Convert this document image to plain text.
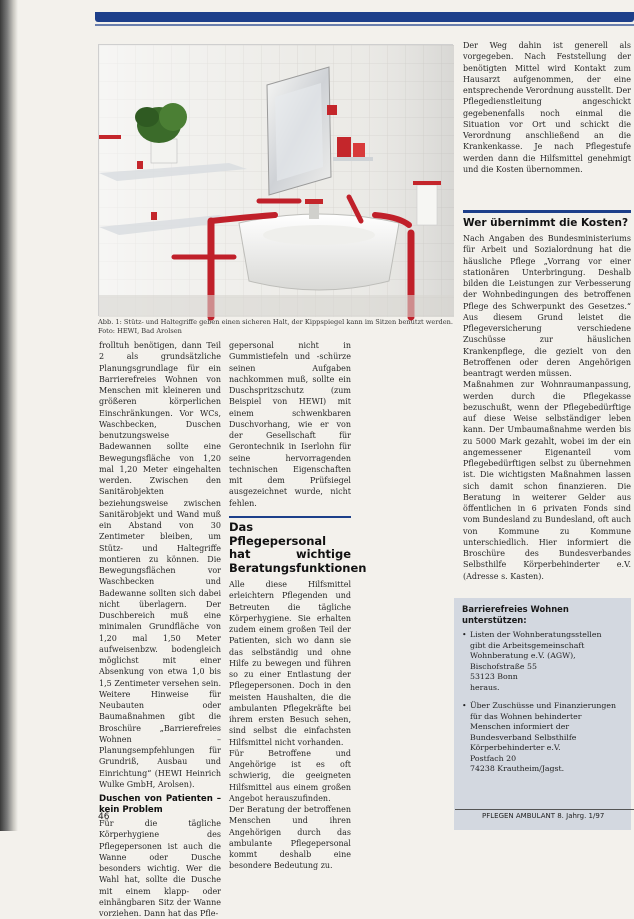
Abb. 1: Stütz- und Haltegriffe geben einen sicheren Halt, der Kippspiegel kann im Sitzen benutzt werden. Foto: HEWI, Bad Arolsen

frolltuh benötigen, dann Teil 2 als grundsätzliche Planungsgrundlage für ein Barrierefreies Wohnen von Menschen mit kleineren und größeren körperlichen Einschränkungen. Vor WCs, Waschbecken, Duschen benutzungsweise Badewannen sollte eine Bewegungsfläche von 1,20 mal 1,20 Meter eingehalten werden. Zwischen den Sanitärobjekten beziehungsweise zwischen Sanitärobjekt und Wand muß ein Abstand von 30 Zentimeter bleiben, um Stütz- und Haltegriffe montieren zu können. Die Bewegungsflächen vor Waschbecken und Badewanne sollten sich dabei nicht überlagern. Der Duschbereich muß eine minimalen Grundfläche von 1,20 mal 1,50 Meter aufweisenbzw. bodengleich möglichst mit einer Absenkung von etwa 1,0 bis 1,5 Zentimeter versehen sein. Weitere Hinweise für Neubauten oder Baumaßnahmen gibt die Broschüre „Barrierefreies Wohnen – Planungsempfehlungen für Grundriß, Ausbau und Einrichtung“ (HEWI Heinrich Wulke GmbH, Arolsen).

Duschen von Patienten – kein Problem

Für die tägliche Körperhygiene des Pflegepersonen ist auch die Wanne oder Dusche besonders wichtig. Wer die Wahl hat, sollte die Dusche mit einem klapp- oder einhängbaren Sitz der Wanne vorziehen. Dann hat das Pfle-

gepersonal nicht in Gummistiefeln und -schürze seinen Aufgaben nachkommen muß, sollte ein Duschspritzschutz (zum Beispiel von HEWI) mit einem schwenkbaren Duschvorhang, wie er von der Gesellschaft für Gerontechnik in Iserlohn für seine hervorragenden technischen Eigenschaften mit dem Prüfsiegel ausgezeichnet wurde, nicht fehlen.

Das Pflegepersonal hat wichtige Beratungsfunktionen

Alle diese Hilfsmittel erleichtern Pflegenden und Betreuten die tägliche Körperhygiene. Sie erhalten zudem einem großen Teil der Patienten, sich wo dann sie das selbständig und ohne Hilfe zu bewegen und führen so zu einer Entlastung der Pflegepersonen. Doch in den meisten Haushalten, die die ambulanten Pflegekräfte bei ihrem ersten Besuch sehen, sind selbst die einfachsten Hilfsmittel nicht vorhanden.

Für Betroffene und Angehörige ist es oft schwierig, die geeigneten Hilfsmittel aus einem großen Angebot herauszufinden.

Der Beratung der betroffenen Menschen und ihren Angehörigen durch das ambulante Pflegepersonal kommt deshalb eine besondere Bedeutung zu.

Der Weg dahin ist generell als vorgegeben. Nach Feststellung der benötigten Mittel wird Kontakt zum Hausarzt aufgenommen, der eine entsprechende Verordnung ausstellt. Der Pflegedienstleitung angeschickt gegebenenfalls noch einmal die Situation vor Ort und schickt die Verordnung anschließend an die Krankenkasse. Je nach Pflegestufe werden dann die Hilfsmittel genehmigt und die Kosten übernommen.

Wer übernimmt die Kosten?

Nach Angaben des Bundesministeriums für Arbeit und Sozialordnung hat die häusliche Pflege „Vorrang vor einer stationären Unterbringung. Deshalb bilden die Leistungen zur Verbesserung der Wohnbedingungen des betroffenen Pflege des Schwerpunkt des Gesetzes.“ Aus diesem Grund leistet die Pflegeversicherung verschiedene Zuschüsse zur häuslichen Krankenpflege, die gezielt von den Betroffenen oder deren Angehörigen beantragt werden müssen.

Maßnahmen zur Wohnraumanpassung, werden durch die Pflegekasse bezuschußt, wenn der Pflegebedürftige auf diese Weise selbständiger leben kann. Der Umbaumaßnahme werden bis zu 5000 Mark gezahlt, wobei im der ein angemessener Eigenanteil vom Pflegebedürftigen selbst zu übernehmen ist. Die wichtigsten Maßnahmen lassen sich damit schon finanzieren. Die Beratung in weiterer Gelder aus öffentlichen in 6 privaten Fonds sind vom Bundesland zu Bundesland, oft auch von Kommune zu Kommune unterschiedlich. Hier informiert die Broschüre des Bundesverbandes Selbsthilfe Körperbehinderter e.V. (Adresse s. Kasten).

Barrierefreies Wohnen unterstützen:
• Listen der Wohnberatungsstellen
gibt die Arbeitsgemeinschaft
Wohnberatung e.V. (AGW),
Bischofstraße 55
53123 Bonn
heraus.
• Über Zuschüsse und Finanzierungen für das Wohnen behinderter
Menschen informiert der
Bundesverband Selbsthilfe Körperbehinderter e.V.
Postfach 20
74238 Krautheim/Jagst.
46	PFLEGEN AMBULANT 8. Jahrg. 1/97
